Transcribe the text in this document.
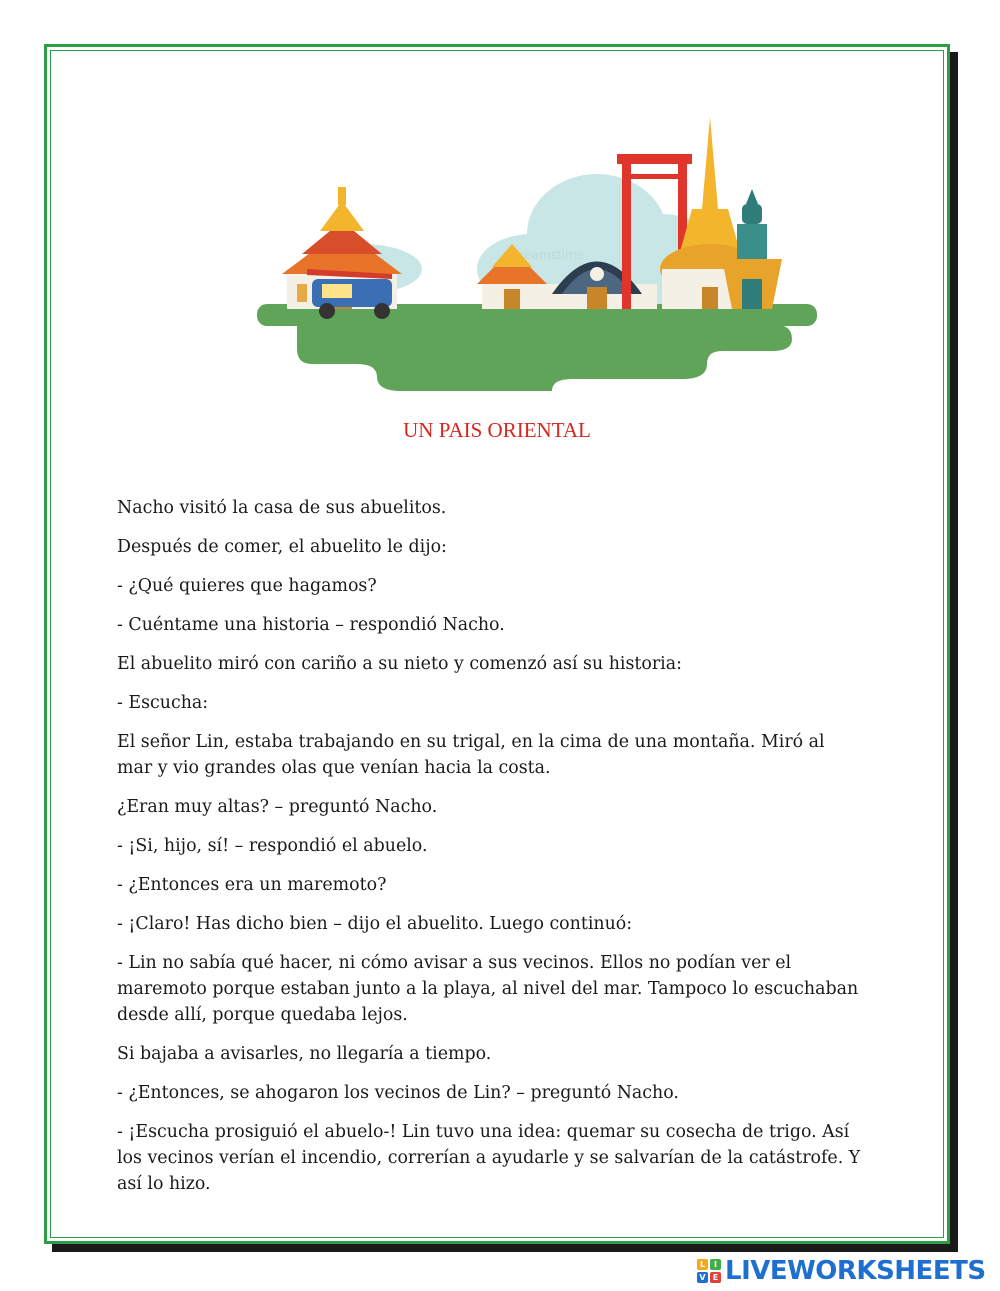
dreamstime
UN PAIS ORIENTAL

Nacho visitó la casa de sus abuelitos.

Después de comer, el abuelito le dijo:

- ¿Qué quieres que hagamos?

- Cuéntame una historia – respondió Nacho.

El abuelito miró con cariño a su nieto y comenzó así su historia:

- Escucha:

El señor Lin, estaba trabajando en su trigal, en la cima de una montaña. Miró al mar y vio grandes olas que venían hacia la costa.

¿Eran muy altas? – preguntó Nacho.

- ¡Si, hijo, sí! – respondió el abuelo.

- ¿Entonces era un maremoto?

- ¡Claro! Has dicho bien – dijo el abuelito. Luego continuó:

- Lin no sabía qué hacer, ni cómo avisar a sus vecinos. Ellos no podían ver el maremoto porque estaban junto a la playa, al nivel del mar. Tampoco lo escuchaban desde allí, porque quedaba lejos.

Si bajaba a avisarles, no llegaría a tiempo.

- ¿Entonces, se ahogaron los vecinos de Lin? – preguntó Nacho.

- ¡Escucha prosiguió el abuelo-! Lin tuvo una idea: quemar su cosecha de trigo. Así los vecinos verían el incendio, correrían a ayudarle y se salvarían de la catástrofe. Y así lo hizo.

L	I
V E LIVEWORKSHEETS
